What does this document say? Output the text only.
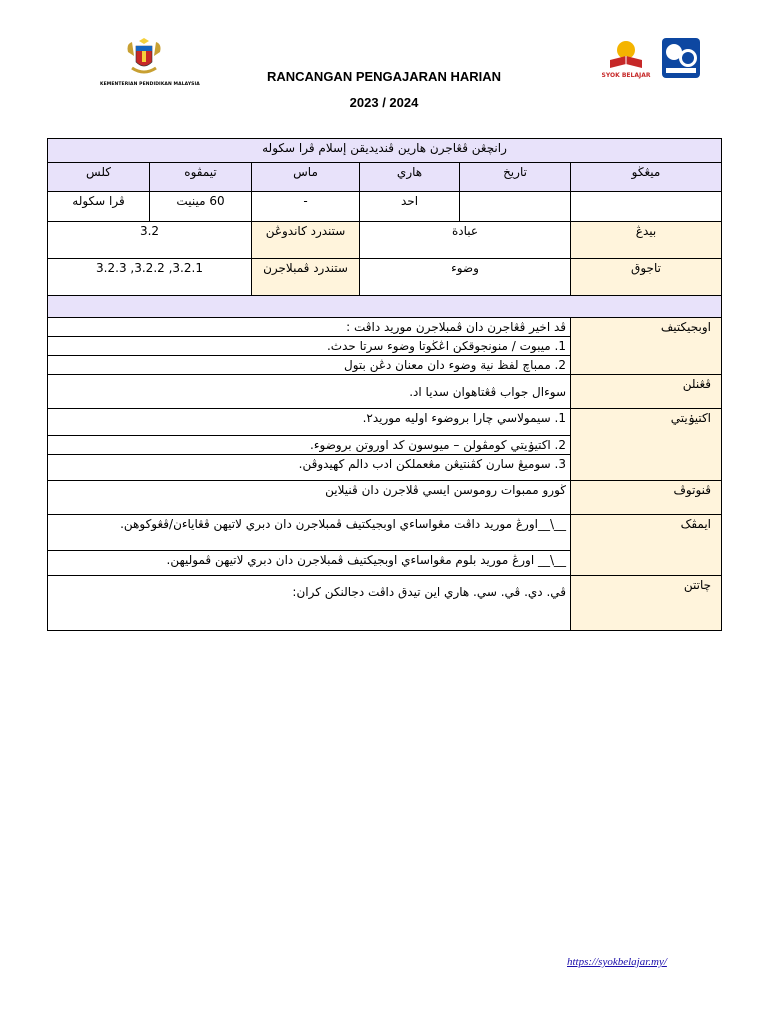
KEMENTERIAN PENDIDIKAN MALAYSIA
SYOK BELAJAR
RANCANGAN PENGAJARAN HARIAN
2023 / 2024
رانچڠن ڤڠاجرن هارين ڤنديديقن إسلام ڤرا سکوله					
ميڠڬو	تاريخ	هاري	ماس	تيمڤوه	کلس
		احد	-	60 مينيت	ڤرا سکوله
بيدڠ	عبادة		ستندرد کاندوڠن	3.2	
تاجوق	وضوء		ستندرد ڤمبلاجرن	3.2.1, 3.2.2, 3.2.3	

اوبجيکتيف	ڤد اخير ڤڠاجرن دان ڤمبلاجرن موريد داڤت :				
	1. ميبوت / منونجوقکن اڠڬوتا وضوء سرتا حدث.				
	2. ممباچ لفظ نية وضوء دان معنان دڠن بتول				
ڤڠنلن	سوءال جواب ڤڠتاهوان سديا اد.				
اکتيۏيتي	1. سيمولاسي چارا بروضوء اوليه موريد٢.				
	2. اکتيۏيتي کومڤولن – ميوسون کد اوروتن بروضوء.				
	3. سوميڠ سارن کڤنتيڠن مڠعملکن ادب دالم کهيدوڤن.				
ڤنوتوڤ	ڬورو ممبوات روموسن ايسي ڤلاجرن دان ڤنيلاين				
ايمڤک	__\__اورڠ موريد داڤت مڠواساءي اوبجيکتيف ڤمبلاجرن دان دبري لاتيهن ڤڠاياءن/ڤڠوکوهن.				
	__\__ اورڠ موريد بلوم مڠواساءي اوبجيکتيف ڤمبلاجرن دان دبري لاتيهن ڤموليهن.				
چاتتن	ڤي. دي. ڤي. سي. هاري اين تيدق داڤت دجالنکن کران:				
https://syokbelajar.my/
